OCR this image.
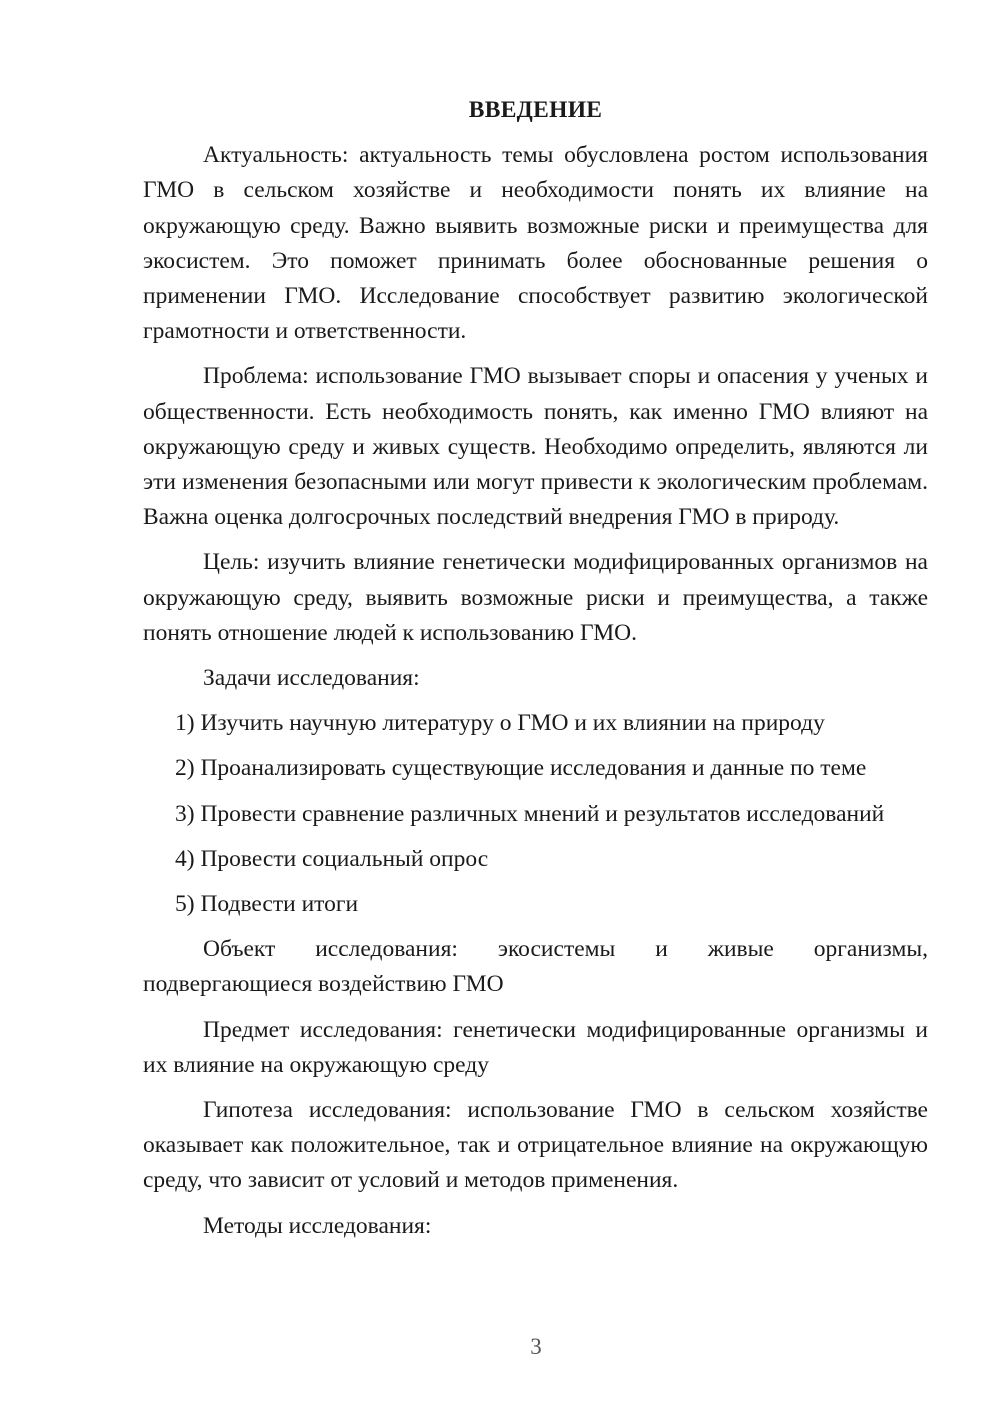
ВВЕДЕНИЕ

Актуальность: актуальность темы обусловлена ростом использования ГМО в сельском хозяйстве и необходимости понять их влияние на окружающую среду. Важно выявить возможные риски и преимущества для экосистем. Это поможет принимать более обоснованные решения о применении ГМО. Исследование способствует развитию экологической грамотности и ответственности.

Проблема: использование ГМО вызывает споры и опасения у ученых и общественности. Есть необходимость понять, как именно ГМО влияют на окружающую среду и живых существ. Необходимо определить, являются ли эти изменения безопасными или могут привести к экологическим проблемам. Важна оценка долгосрочных последствий внедрения ГМО в природу.

Цель: изучить влияние генетически модифицированных организмов на окружающую среду, выявить возможные риски и преимущества, а также понять отношение людей к использованию ГМО.

Задачи исследования:

1) Изучить научную литературу о ГМО и их влиянии на природу
2) Проанализировать существующие исследования и данные по теме
3) Провести сравнение различных мнений и результатов исследований
4) Провести социальный опрос
5) Подвести итоги

Объект исследования: экосистемы и живые организмы, подвергающиеся воздействию ГМО

Предмет исследования: генетически модифицированные организмы и их влияние на окружающую среду

Гипотеза исследования: использование ГМО в сельском хозяйстве оказывает как положительное, так и отрицательное влияние на окружающую среду, что зависит от условий и методов применения.

Методы исследования:

3
